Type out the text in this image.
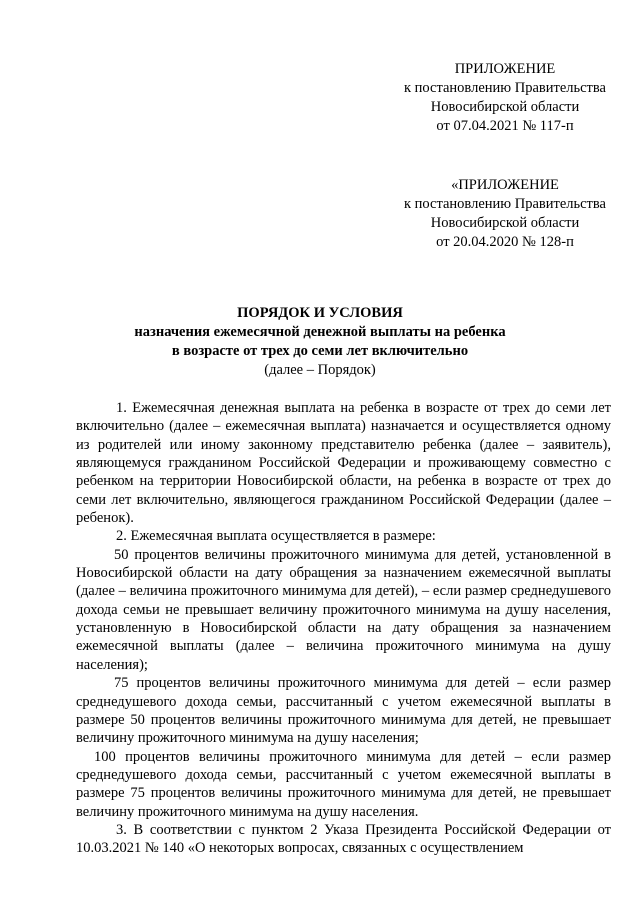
ПРИЛОЖЕНИЕ
к постановлению Правительства
Новосибирской области
от 07.04.2021 № 117-п
«ПРИЛОЖЕНИЕ
к постановлению Правительства
Новосибирской области
от 20.04.2020 № 128-п
ПОРЯДОК И УСЛОВИЯ
назначения ежемесячной денежной выплаты на ребенка
в возрасте от трех до семи лет включительно
(далее – Порядок)

1. Ежемесячная денежная выплата на ребенка в возрасте от трех до семи лет включительно (далее – ежемесячная выплата) назначается и осуществляется одному из родителей или иному законному представителю ребенка (далее – заявитель), являющемуся гражданином Российской Федерации и проживающему совместно с ребенком на территории Новосибирской области, на ребенка в возрасте от трех до семи лет включительно, являющегося гражданином Российской Федерации (далее – ребенок).

2. Ежемесячная выплата осуществляется в размере:

50 процентов величины прожиточного минимума для детей, установленной в Новосибирской области на дату обращения за назначением ежемесячной выплаты (далее – величина прожиточного минимума для детей), – если размер среднедушевого дохода семьи не превышает величину прожиточного минимума на душу населения, установленную в Новосибирской области на дату обращения за назначением ежемесячной выплаты (далее – величина прожиточного минимума на душу населения);

75 процентов величины прожиточного минимума для детей – если размер среднедушевого дохода семьи, рассчитанный с учетом ежемесячной выплаты в размере 50 процентов величины прожиточного минимума для детей, не превышает величину прожиточного минимума на душу населения;

100 процентов величины прожиточного минимума для детей – если размер среднедушевого дохода семьи, рассчитанный с учетом ежемесячной выплаты в размере 75 процентов величины прожиточного минимума для детей, не превышает величину прожиточного минимума на душу населения.

3. В соответствии с пунктом 2 Указа Президента Российской Федерации от 10.03.2021 № 140 «О некоторых вопросах, связанных с осуществлением
